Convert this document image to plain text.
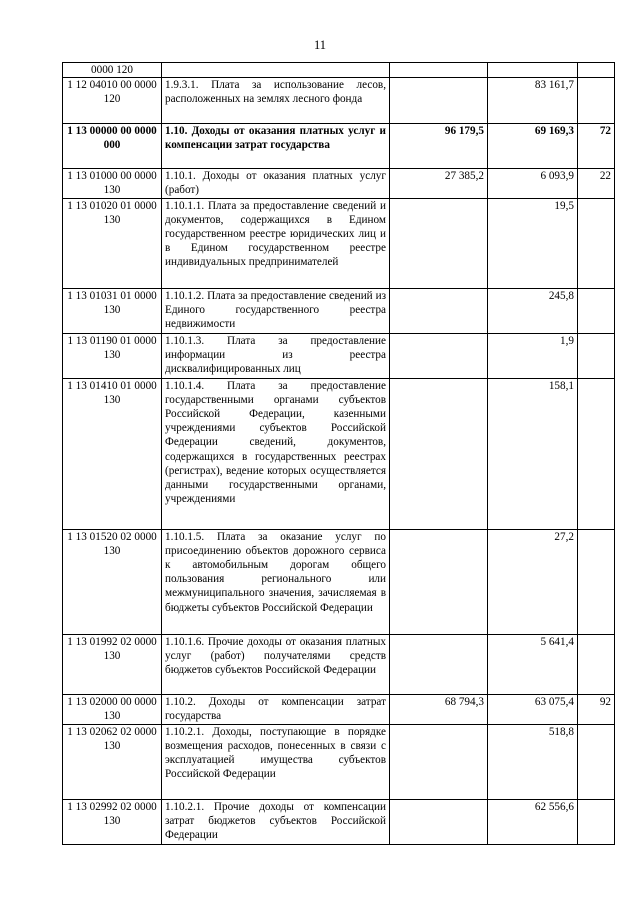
11
0000 120				
1 12 04010 00 0000 120	1.9.3.1. Плата за использование лесов, расположенных на землях лесного фонда		83 161,7	
1 13 00000 00 0000 000	1.10. Доходы от оказания платных услуг и компенсации затрат государства	96 179,5	69 169,3	72
1 13 01000 00 0000 130	1.10.1. Доходы от оказания платных услуг (работ)	27 385,2	6 093,9	22
1 13 01020 01 0000 130	1.10.1.1. Плата за предоставление сведений и документов, содержащихся в Едином государственном реестре юридических лиц и в Едином государственном реестре индивидуальных предпринимателей		19,5	
1 13 01031 01 0000 130	1.10.1.2. Плата за предоставление сведений из Единого государственного реестра недвижимости		245,8	
1 13 01190 01 0000 130	1.10.1.3. Плата за предоставление информации из реестра дисквалифицированных лиц		1,9	
1 13 01410 01 0000 130	1.10.1.4. Плата за предоставление государственными органами субъектов Российской Федерации, казенными учреждениями субъектов Российской Федерации сведений, документов, содержащихся в государственных реестрах (регистрах), ведение которых осуществляется данными государственными органами, учреждениями		158,1	
1 13 01520 02 0000 130	1.10.1.5. Плата за оказание услуг по присоединению объектов дорожного сервиса к автомобильным дорогам общего пользования регионального или межмуниципального значения, зачисляемая в бюджеты субъектов Российской Федерации		27,2	
1 13 01992 02 0000 130	1.10.1.6. Прочие доходы от оказания платных услуг (работ) получателями средств бюджетов субъектов Российской Федерации		5 641,4	
1 13 02000 00 0000 130	1.10.2. Доходы от компенсации затрат государства	68 794,3	63 075,4	92
1 13 02062 02 0000 130	1.10.2.1. Доходы, поступающие в порядке возмещения расходов, понесенных в связи с эксплуатацией имущества субъектов Российской Федерации		518,8	
1 13 02992 02 0000 130	1.10.2.1. Прочие доходы от компенсации затрат бюджетов субъектов Российской Федерации		62 556,6	
